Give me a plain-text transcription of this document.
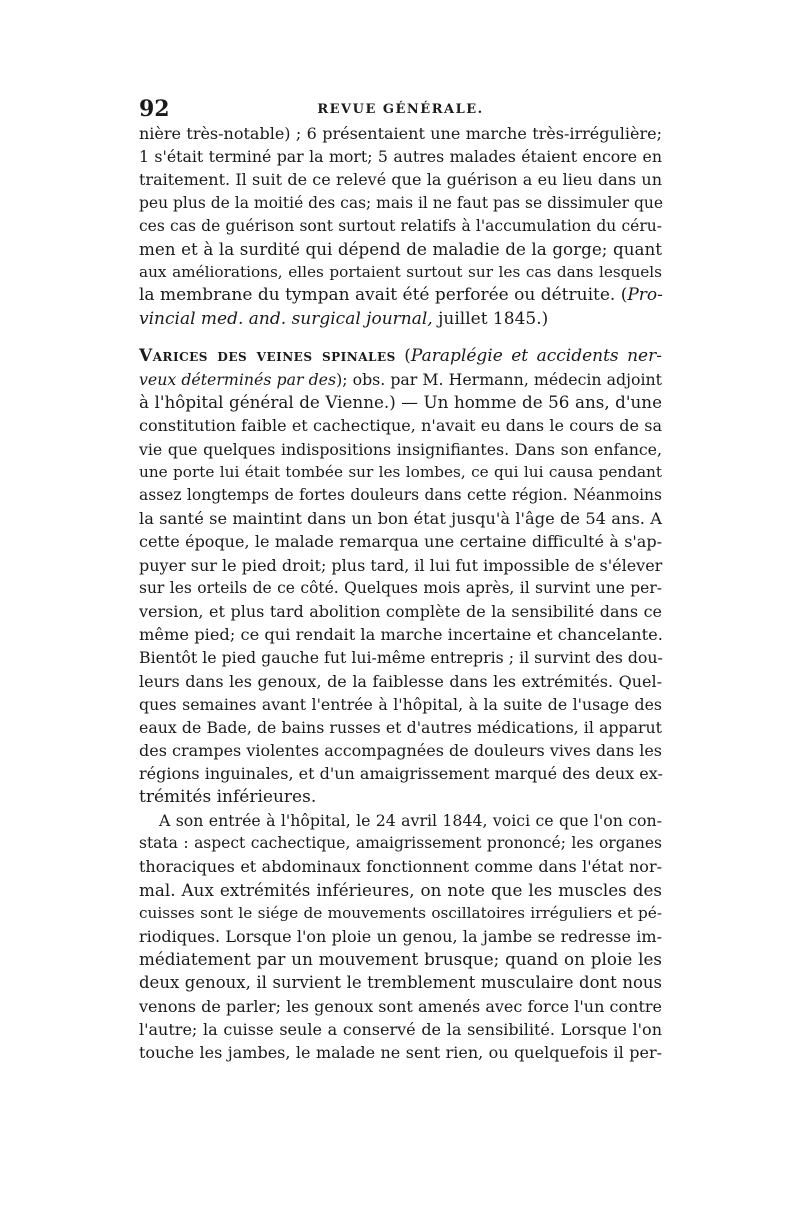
92	REVUE GÉNÉRALE.
nière très-notable) ; 6 présentaient une marche très-irrégulière;
1 s'était terminé par la mort; 5 autres malades étaient encore en
traitement. Il suit de ce relevé que la guérison a eu lieu dans un
peu plus de la moitié des cas; mais il ne faut pas se dissimuler que
ces cas de guérison sont surtout relatifs à l'accumulation du céru-
men et à la surdité qui dépend de maladie de la gorge; quant
aux améliorations, elles portaient surtout sur les cas dans lesquels
la membrane du tympan avait été perforée ou détruite. (Pro-
vincial med. and. surgical journal, juillet 1845.)
Varices des veines spinales (Paraplégie et accidents ner-
veux déterminés par des); obs. par M. Hermann, médecin adjoint
à l'hôpital général de Vienne.) — Un homme de 56 ans, d'une
constitution faible et cachectique, n'avait eu dans le cours de sa
vie que quelques indispositions insignifiantes. Dans son enfance,
une porte lui était tombée sur les lombes, ce qui lui causa pendant
assez longtemps de fortes douleurs dans cette région. Néanmoins
la santé se maintint dans un bon état jusqu'à l'âge de 54 ans. A
cette époque, le malade remarqua une certaine difficulté à s'ap-
puyer sur le pied droit; plus tard, il lui fut impossible de s'élever
sur les orteils de ce côté. Quelques mois après, il survint une per-
version, et plus tard abolition complète de la sensibilité dans ce
même pied; ce qui rendait la marche incertaine et chancelante.
Bientôt le pied gauche fut lui-même entrepris ; il survint des dou-
leurs dans les genoux, de la faiblesse dans les extrémités. Quel-
ques semaines avant l'entrée à l'hôpital, à la suite de l'usage des
eaux de Bade, de bains russes et d'autres médications, il apparut
des crampes violentes accompagnées de douleurs vives dans les
régions inguinales, et d'un amaigrissement marqué des deux ex-
trémités inférieures.
A son entrée à l'hôpital, le 24 avril 1844, voici ce que l'on con-
stata : aspect cachectique, amaigrissement prononcé; les organes
thoraciques et abdominaux fonctionnent comme dans l'état nor-
mal. Aux extrémités inférieures, on note que les muscles des
cuisses sont le siége de mouvements oscillatoires irréguliers et pé-
riodiques. Lorsque l'on ploie un genou, la jambe se redresse im-
médiatement par un mouvement brusque; quand on ploie les
deux genoux, il survient le tremblement musculaire dont nous
venons de parler; les genoux sont amenés avec force l'un contre
l'autre; la cuisse seule a conservé de la sensibilité. Lorsque l'on
touche les jambes, le malade ne sent rien, ou quelquefois il per-
